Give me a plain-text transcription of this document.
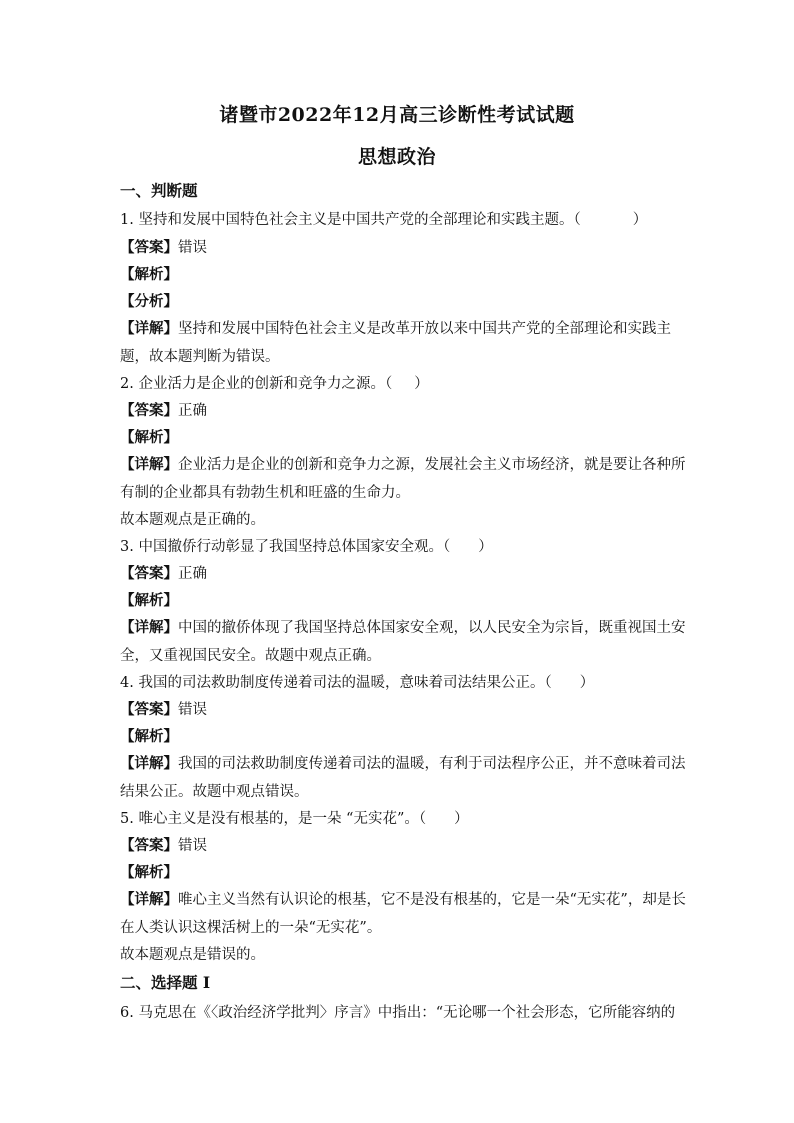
诸暨市2022年12月高三诊断性考试试题
思想政治
一、判断题
1. 坚持和发展中国特色社会主义是中国共产党的全部理论和实践主题。（	）
【答案】错误
【解析】
【分析】
【详解】坚持和发展中国特色社会主义是改革开放以来中国共产党的全部理论和实践主
题，故本题判断为错误。
2. 企业活力是企业的创新和竞争力之源。（ ）
【答案】正确
【解析】
【详解】企业活力是企业的创新和竞争力之源，发展社会主义市场经济，就是要让各种所
有制的企业都具有勃勃生机和旺盛的生命力。
故本题观点是正确的。
3. 中国撤侨行动彰显了我国坚持总体国家安全观。（ ）
【答案】正确
【解析】
【详解】中国的撤侨体现了我国坚持总体国家安全观，以人民安全为宗旨，既重视国土安
全，又重视国民安全。故题中观点正确。
4. 我国的司法救助制度传递着司法的温暖，意味着司法结果公正。（ ）
【答案】错误
【解析】
【详解】我国的司法救助制度传递着司法的温暖，有利于司法程序公正，并不意味着司法
结果公正。故题中观点错误。
5. 唯心主义是没有根基的，是一朵 “无实花”。（ ）
【答案】错误
【解析】
【详解】唯心主义当然有认识论的根基，它不是没有根基的，它是一朵“无实花”，却是长
在人类认识这棵活树上的一朵“无实花”。
故本题观点是错误的。
二、选择题 I
6. 马克思在《〈政治经济学批判〉序言》中指出：“无论哪一个社会形态，它所能容纳的
